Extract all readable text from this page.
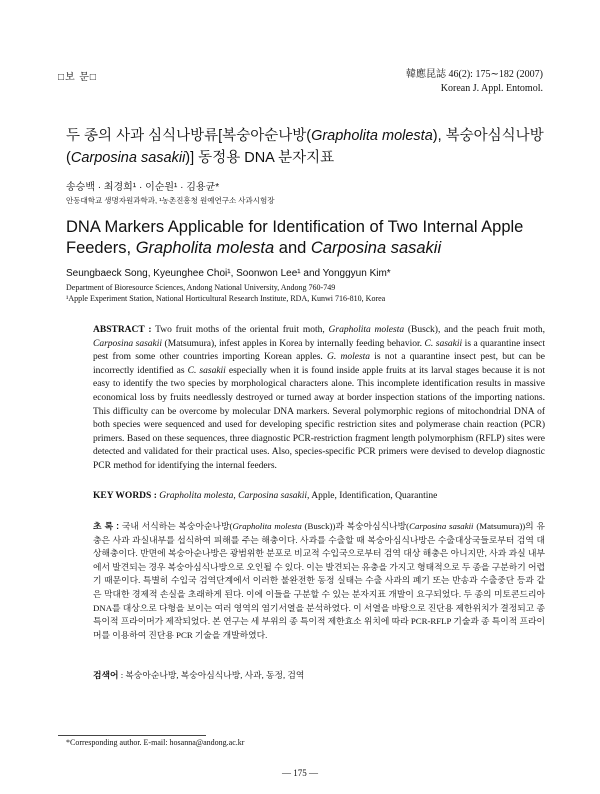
□보 문□	韓應昆誌 46(2): 175∼182 (2007)
Korean J. Appl. Entomol.
두 종의 사과 심식나방류[복숭아순나방(Grapholita molesta), 복숭아심식나방 (Carposina sasakii)] 동정용 DNA 분자지표
송승백 · 최경희¹ · 이순원¹ · 김용균*
안동대학교 생명자원과학과, ¹농촌진흥청 원예연구소 사과시험장
DNA Markers Applicable for Identification of Two Internal Apple Feeders, Grapholita molesta and Carposina sasakii
Seungbaeck Song, Kyeunghee Choi¹, Soonwon Lee¹ and Yonggyun Kim*
Department of Bioresource Sciences, Andong National University, Andong 760-749
¹Apple Experiment Station, National Horticultural Research Institute, RDA, Kunwi 716-810, Korea
ABSTRACT : Two fruit moths of the oriental fruit moth, Grapholita molesta (Busck), and the peach fruit moth, Carposina sasakii (Matsumura), infest apples in Korea by internally feeding behavior. C. sasakii is a quarantine insect pest from some other countries importing Korean apples. G. molesta is not a quarantine insect pest, but can be incorrectly identified as C. sasakii especially when it is found inside apple fruits at its larval stages because it is not easy to identify the two species by morphological characters alone. This incomplete identification results in massive economical loss by fruits needlessly destroyed or turned away at border inspection stations of the importing nations. This difficulty can be overcome by molecular DNA markers. Several polymorphic regions of mitochondrial DNA of both species were sequenced and used for developing specific restriction sites and polymerase chain reaction (PCR) primers. Based on these sequences, three diagnostic PCR-restriction fragment length polymorphism (RFLP) sites were detected and validated for their practical uses. Also, species-specific PCR primers were devised to develop diagnostic PCR method for identifying the internal feeders.
KEY WORDS : Grapholita molesta, Carposina sasakii, Apple, Identification, Quarantine
초 록 : 국내 서식하는 복숭아순나방(Grapholita molesta (Busck))과 복숭아심식나방(Carposina sasakii (Matsumura))의 유충은 사과 과실내부를 섭식하여 피해를 주는 해충이다. 사과를 수출할 때 복숭아심식나방은 수출대상국들로부터 검역 대상해충이다. 반면에 복숭아순나방은 광범위한 분포로 비교적 수입국으로부터 검역 대상 해충은 아니지만, 사과 과실 내부에서 발견되는 경우 복숭아심식나방으로 오인될 수 있다. 이는 발견되는 유충을 가지고 형태적으로 두 종을 구분하기 어렵기 때문이다. 특별히 수입국 검역단계에서 이러한 불완전한 동정 실태는 수출 사과의 폐기 또는 반송과 수출중단 등과 같은 막대한 경제적 손실을 초래하게 된다. 이에 이들을 구분할 수 있는 분자지표 개발이 요구되었다. 두 종의 미토콘드리아 DNA를 대상으로 다형을 보이는 여러 영역의 염기서열을 분석하였다. 이 서열을 바탕으로 진단용 제한위치가 결정되고 종 특이적 프라이머가 제작되었다. 본 연구는 세 부위의 종 특이적 제한효소 위치에 따라 PCR-RFLP 기술과 종 특이적 프라이머를 이용하여 진단용 PCR 기술을 개발하였다.
검색어 : 복숭아순나방, 복숭아심식나방, 사과, 동정, 검역
*Corresponding author. E-mail: hosanna@andong.ac.kr
— 175 —
